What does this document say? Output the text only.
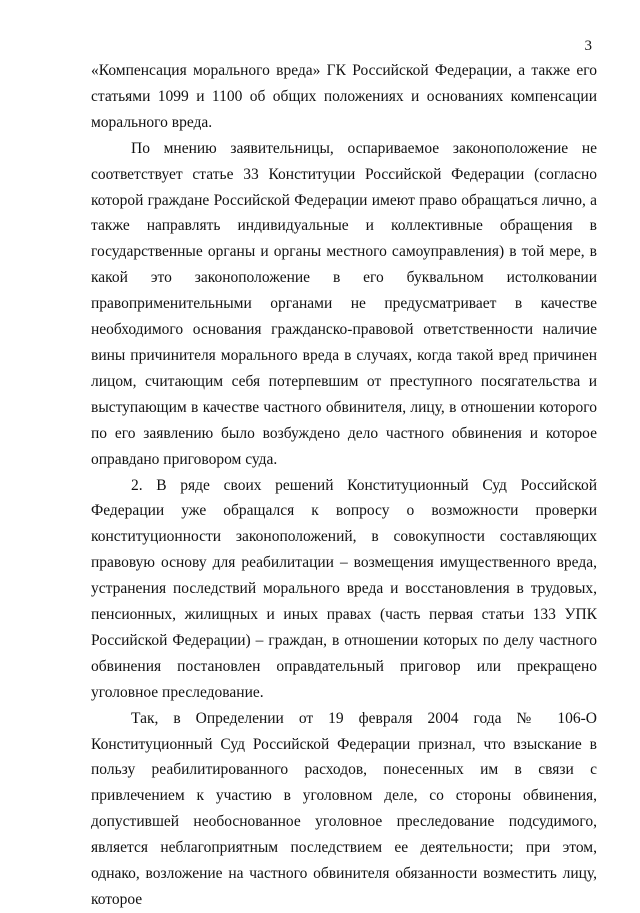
3

«Компенсация морального вреда» ГК Российской Федерации, а также его статьями 1099 и 1100 об общих положениях и основаниях компенсации морального вреда.

По мнению заявительницы, оспариваемое законоположение не соответствует статье 33 Конституции Российской Федерации (согласно которой граждане Российской Федерации имеют право обращаться лично, а также направлять индивидуальные и коллективные обращения в государственные органы и органы местного самоуправления) в той мере, в какой это законоположение в его буквальном истолковании правоприменительными органами не предусматривает в качестве необходимого основания гражданско-правовой ответственности наличие вины причинителя морального вреда в случаях, когда такой вред причинен лицом, считающим себя потерпевшим от преступного посягательства и выступающим в качестве частного обвинителя, лицу, в отношении которого по его заявлению было возбуждено дело частного обвинения и которое оправдано приговором суда.

2. В ряде своих решений Конституционный Суд Российской Федерации уже обращался к вопросу о возможности проверки конституционности законоположений, в совокупности составляющих правовую основу для реабилитации – возмещения имущественного вреда, устранения последствий морального вреда и восстановления в трудовых, пенсионных, жилищных и иных правах (часть первая статьи 133 УПК Российской Федерации) – граждан, в отношении которых по делу частного обвинения постановлен оправдательный приговор или прекращено уголовное преследование.

Так, в Определении от 19 февраля 2004 года № 106-О Конституционный Суд Российской Федерации признал, что взыскание в пользу реабилитированного расходов, понесенных им в связи с привлечением к участию в уголовном деле, со стороны обвинения, допустившей необоснованное уголовное преследование подсудимого, является неблагоприятным последствием ее деятельности; при этом, однако, возложение на частного обвинителя обязанности возместить лицу, которое
